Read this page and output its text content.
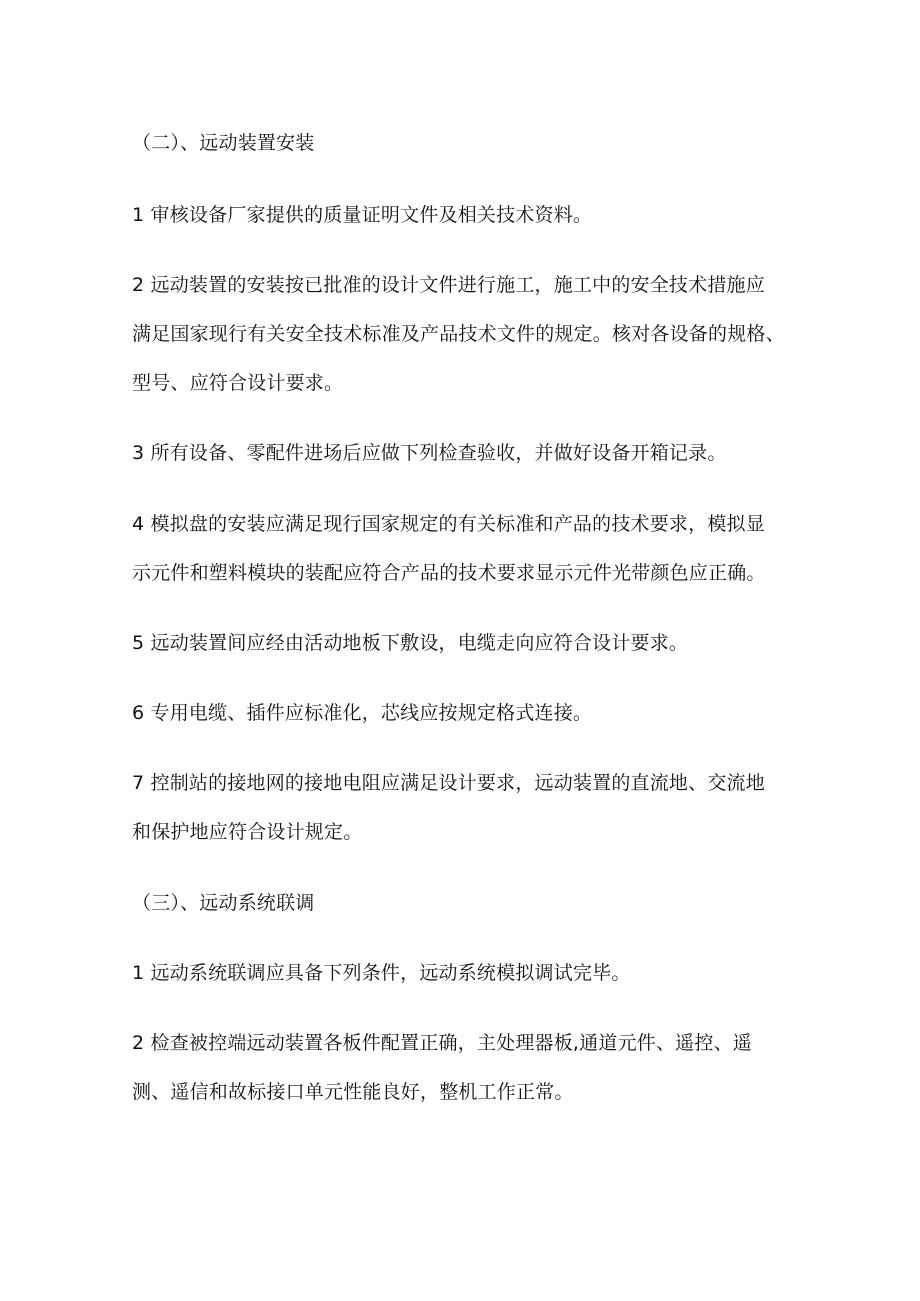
（二）、远动装置安装
1 审核设备厂家提供的质量证明文件及相关技术资料。
2 远动装置的安装按已批准的设计文件进行施工，施工中的安全技术措施应
满足国家现行有关安全技术标准及产品技术文件的规定。核对各设备的规格、
型号、应符合设计要求。
3 所有设备、零配件进场后应做下列检查验收，并做好设备开箱记录。
4 模拟盘的安装应满足现行国家规定的有关标准和产品的技术要求，模拟显
示元件和塑料模块的装配应符合产品的技术要求显示元件光带颜色应正确。
5 远动装置间应经由活动地板下敷设，电缆走向应符合设计要求。
6 专用电缆、插件应标准化，芯线应按规定格式连接。
7 控制站的接地网的接地电阻应满足设计要求，远动装置的直流地、交流地
和保护地应符合设计规定。
（三）、远动系统联调
1 远动系统联调应具备下列条件，远动系统模拟调试完毕。
2 检查被控端远动装置各板件配置正确，主处理器板,通道元件、遥控、遥
测、遥信和故标接口单元性能良好，整机工作正常。
